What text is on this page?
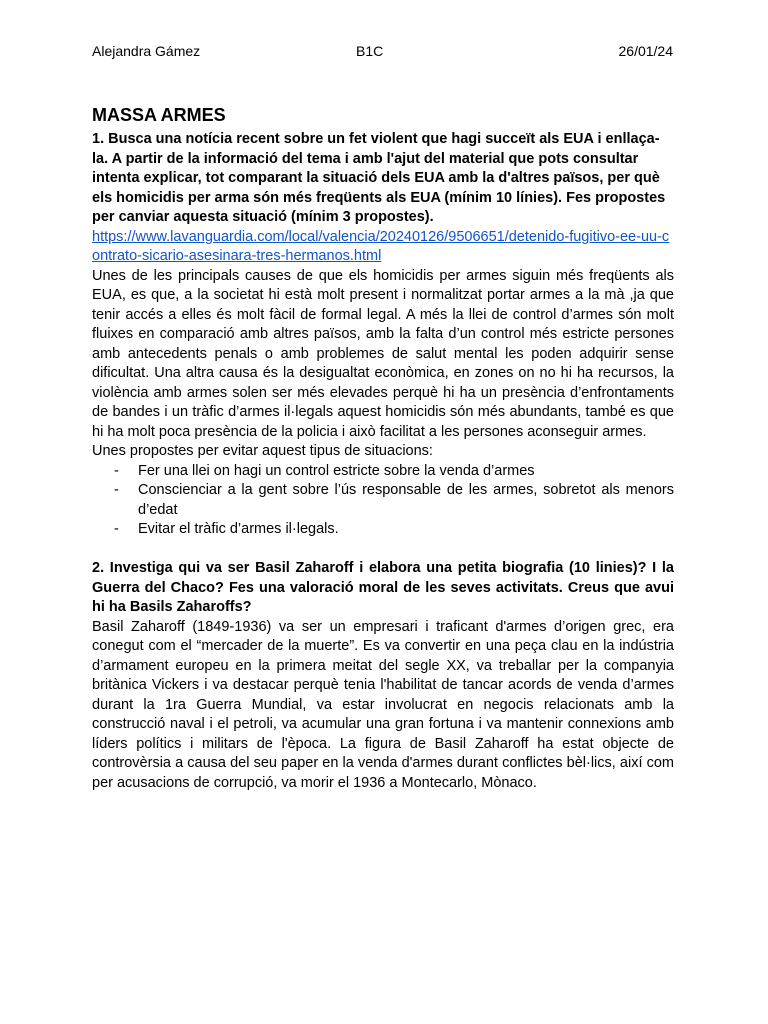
Alejandra Gámez	B1C	26/01/24
MASSA ARMES

1. Busca una notícia recent sobre un fet violent que hagi succeït als EUA i enllaça-la. A partir de la informació del tema i amb l'ajut del material que pots consultar intenta explicar, tot comparant la situació dels EUA amb la d'altres països, per què els homicidis per arma són més freqüents als EUA (mínim 10 línies). Fes propostes per canviar aquesta situació (mínim 3 propostes).

https://www.lavanguardia.com/local/valencia/20240126/9506651/detenido-fugitivo-ee-uu-contrato-sicario-asesinara-tres-hermanos.html

Unes de les principals causes de que els homicidis per armes siguin més freqüents als EUA, es que, a la societat hi està molt present i normalitzat portar armes a la mà ,ja que tenir accés a elles és molt fàcil de formal legal. A més la llei de control d’armes són molt fluixes en comparació amb altres països, amb la falta d’un control més estricte persones amb antecedents penals o amb problemes de salut mental les poden adquirir sense dificultat. Una altra causa és la desigualtat econòmica, en zones on no hi ha recursos, la violència amb armes solen ser més elevades perquè hi ha un presència d’enfrontaments de bandes i un tràfic d’armes il·legals aquest homicidis són més abundants, també es que hi ha molt poca presència de la policia i això facilitat a les persones aconseguir armes.

Unes propostes per evitar aquest tipus de situacions:

- Fer una llei on hagi un control estricte sobre la venda d’armes
- Conscienciar a la gent sobre l’ús responsable de les armes, sobretot als menors d’edat
- Evitar el tràfic d’armes il·legals.

2. Investiga qui va ser Basil Zaharoff i elabora una petita biografia (10 linies)? I la Guerra del Chaco? Fes una valoració moral de les seves activitats. Creus que avui hi ha Basils Zaharoffs?

Basil Zaharoff (1849-1936) va ser un empresari i traficant d'armes d’origen grec, era conegut com el “mercader de la muerte”. Es va convertir en una peça clau en la indústria d’armament europeu en la primera meitat del segle XX, va treballar per la companyia britànica Vickers i va destacar perquè tenia l'habilitat de tancar acords de venda d’armes durant la 1ra Guerra Mundial, va estar involucrat en negocis relacionats amb la construcció naval i el petroli, va acumular una gran fortuna i va mantenir connexions amb líders polítics i militars de l'època. La figura de Basil Zaharoff ha estat objecte de controvèrsia a causa del seu paper en la venda d'armes durant conflictes bèl·lics, així com per acusacions de corrupció, va morir el 1936 a Montecarlo, Mònaco.
